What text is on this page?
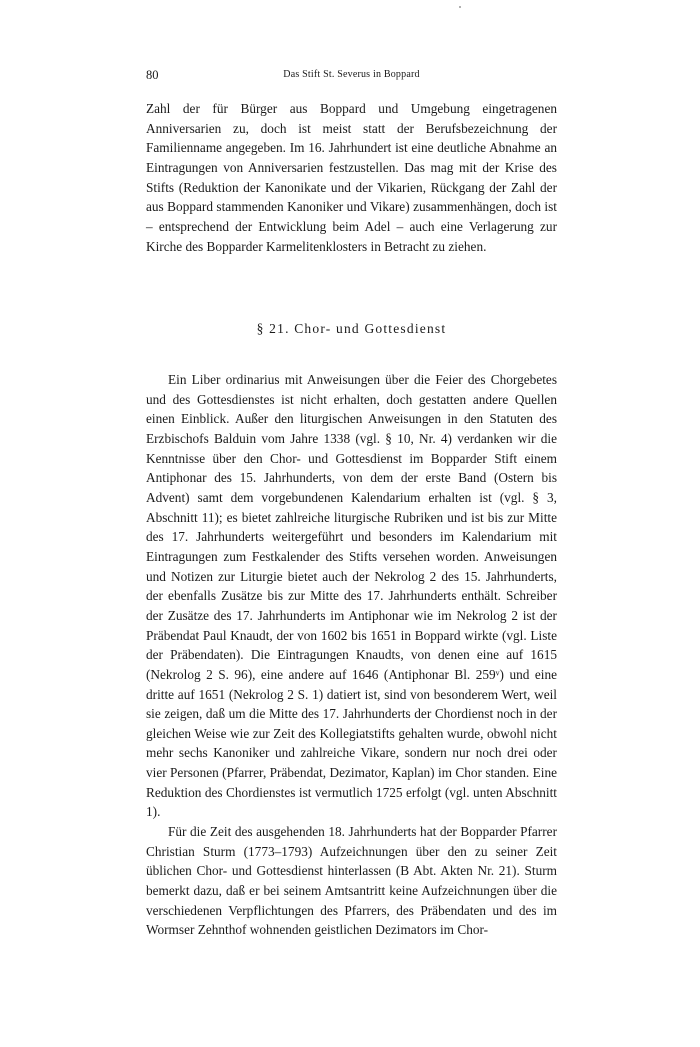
80	Das Stift St. Severus in Boppard

Zahl der für Bürger aus Boppard und Umgebung eingetragenen Anniversarien zu, doch ist meist statt der Berufsbezeichnung der Familienname angegeben. Im 16. Jahrhundert ist eine deutliche Abnahme an Eintragungen von Anniversarien festzustellen. Das mag mit der Krise des Stifts (Reduktion der Kanonikate und der Vikarien, Rückgang der Zahl der aus Boppard stammenden Kanoniker und Vikare) zusammenhängen, doch ist – entsprechend der Entwicklung beim Adel – auch eine Verlagerung zur Kirche des Bopparder Karmelitenklosters in Betracht zu ziehen.

§ 21. Chor- und Gottesdienst

Ein Liber ordinarius mit Anweisungen über die Feier des Chorgebetes und des Gottesdienstes ist nicht erhalten, doch gestatten andere Quellen einen Einblick. Außer den liturgischen Anweisungen in den Statuten des Erzbischofs Balduin vom Jahre 1338 (vgl. § 10, Nr. 4) verdanken wir die Kenntnisse über den Chor- und Gottesdienst im Bopparder Stift einem Antiphonar des 15. Jahrhunderts, von dem der erste Band (Ostern bis Advent) samt dem vorgebundenen Kalendarium erhalten ist (vgl. § 3, Abschnitt 11); es bietet zahlreiche liturgische Rubriken und ist bis zur Mitte des 17. Jahrhunderts weitergeführt und besonders im Kalendarium mit Eintragungen zum Festkalender des Stifts versehen worden. Anweisungen und Notizen zur Liturgie bietet auch der Nekrolog 2 des 15. Jahrhunderts, der ebenfalls Zusätze bis zur Mitte des 17. Jahrhunderts enthält. Schreiber der Zusätze des 17. Jahrhunderts im Antiphonar wie im Nekrolog 2 ist der Präbendat Paul Knaudt, der von 1602 bis 1651 in Boppard wirkte (vgl. Liste der Präbendaten). Die Eintragungen Knaudts, von denen eine auf 1615 (Nekrolog 2 S. 96), eine andere auf 1646 (Antiphonar Bl. 259ᵛ) und eine dritte auf 1651 (Nekrolog 2 S. 1) datiert ist, sind von besonderem Wert, weil sie zeigen, daß um die Mitte des 17. Jahrhunderts der Chordienst noch in der gleichen Weise wie zur Zeit des Kollegiatstifts gehalten wurde, obwohl nicht mehr sechs Kanoniker und zahlreiche Vikare, sondern nur noch drei oder vier Personen (Pfarrer, Präbendat, Dezimator, Kaplan) im Chor standen. Eine Reduktion des Chordienstes ist vermutlich 1725 erfolgt (vgl. unten Abschnitt 1).

Für die Zeit des ausgehenden 18. Jahrhunderts hat der Bopparder Pfarrer Christian Sturm (1773–1793) Aufzeichnungen über den zu seiner Zeit üblichen Chor- und Gottesdienst hinterlassen (B Abt. Akten Nr. 21). Sturm bemerkt dazu, daß er bei seinem Amtsantritt keine Aufzeichnungen über die verschiedenen Verpflichtungen des Pfarrers, des Präbendaten und des im Wormser Zehnthof wohnenden geistlichen Dezimators im Chor-
